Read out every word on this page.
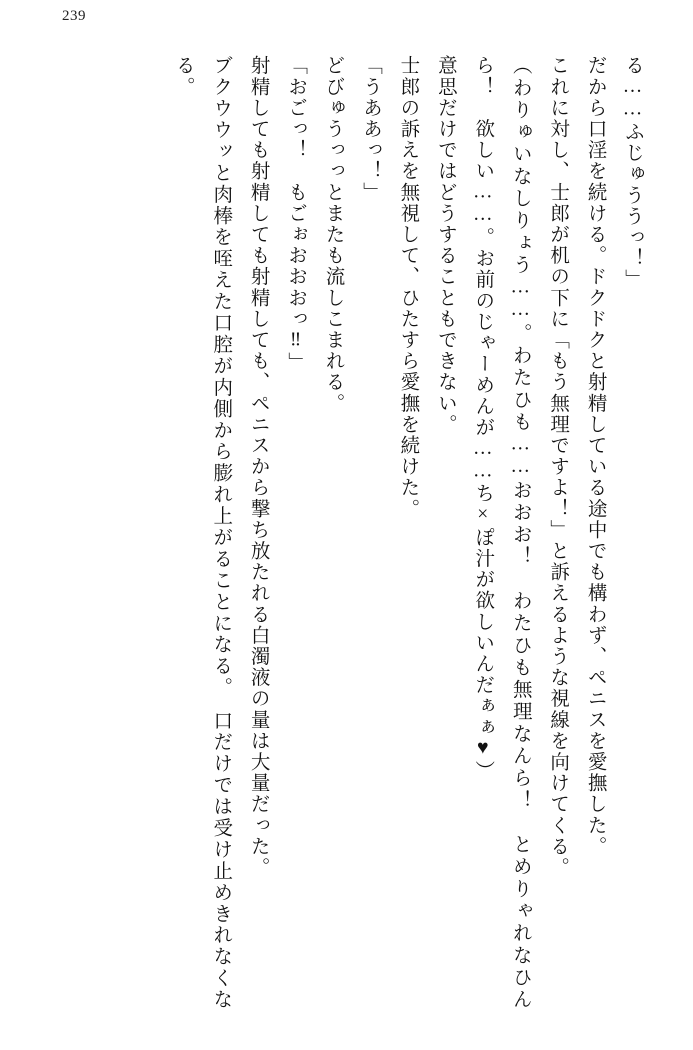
239

る……ふじゅううっ！」

だから口淫を続ける。ドクドクと射精している途中でも構わず、ペニスを愛撫した。

これに対し、士郎が机の下に「もう無理ですよ！」と訴えるような視線を向けてくる。

（わりゅいなしりょう……。わたひも……おおお！　わたひも無理なんら！　とめりゃれなひんら！　欲しい……。お前のじゃーめんが……ち×ぽ汁が欲しいんだぁぁ♥）

意思だけではどうすることもできない。

士郎の訴えを無視して、ひたすら愛撫を続けた。

「うああっ！」

どびゅうっっとまたも流しこまれる。

「おごっ！　もごぉおおおっ‼」

射精しても射精しても射精しても、ペニスから撃ち放たれる白濁液の量は大量だった。

ブクウウッと肉棒を咥えた口腔が内側から膨れ上がることになる。　口だけでは受け止めきれなくなる。
